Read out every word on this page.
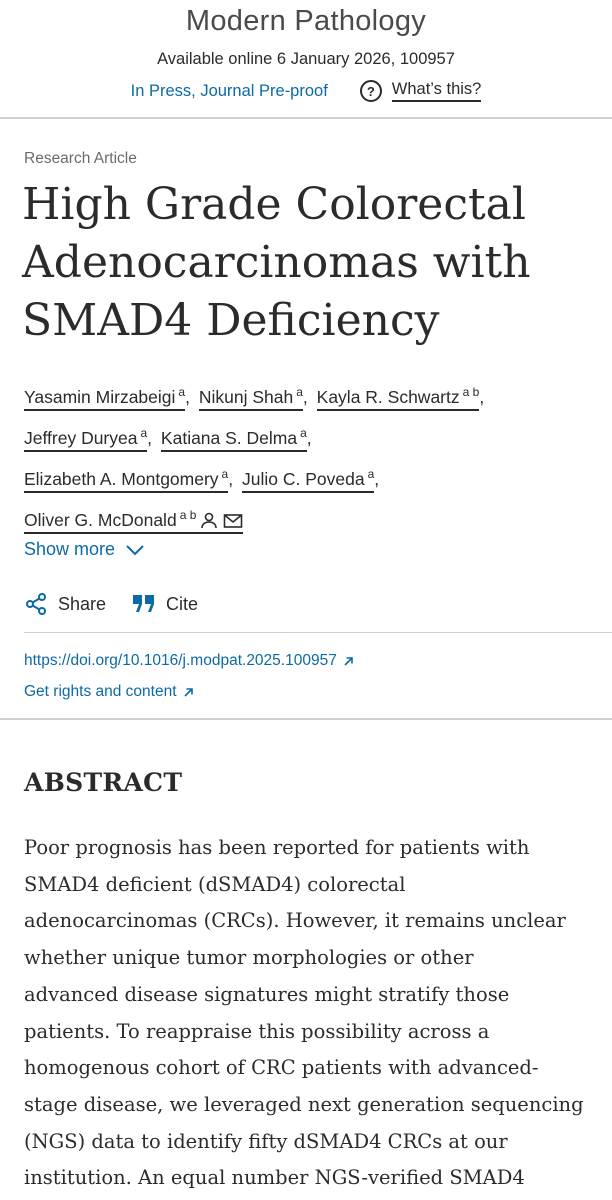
Modern Pathology
Available online 6 January 2026, 100957
In Press, Journal Pre-proof	?	What’s this?
Research Article
High Grade Colorectal
Adenocarcinomas with
SMAD4 Deficiency
Yasamin Mirzabeigi $^a$, Nikunj Shah $^a$, Kayla R. Schwartz $^{a b}$,
Jeffrey Duryea $^a$, Katiana S. Delma $^a$,
Elizabeth A. Montgomery $^a$, Julio C. Poveda $^a$,
Oliver G. McDonald $^{a b}$
Show more
Share	Cite
https://doi.org/10.1016/j.modpat.2025.100957
Get rights and content
ABSTRACT
Poor prognosis has been reported for patients with
SMAD4 deficient (dSMAD4) colorectal
adenocarcinomas (CRCs). However, it remains unclear
whether unique tumor morphologies or other
advanced disease signatures might stratify those
patients. To reappraise this possibility across a
homogenous cohort of CRC patients with advanced-
stage disease, we leveraged next generation sequencing
(NGS) data to identify fifty dSMAD4 CRCs at our
institution. An equal number NGS-verified SMAD4
